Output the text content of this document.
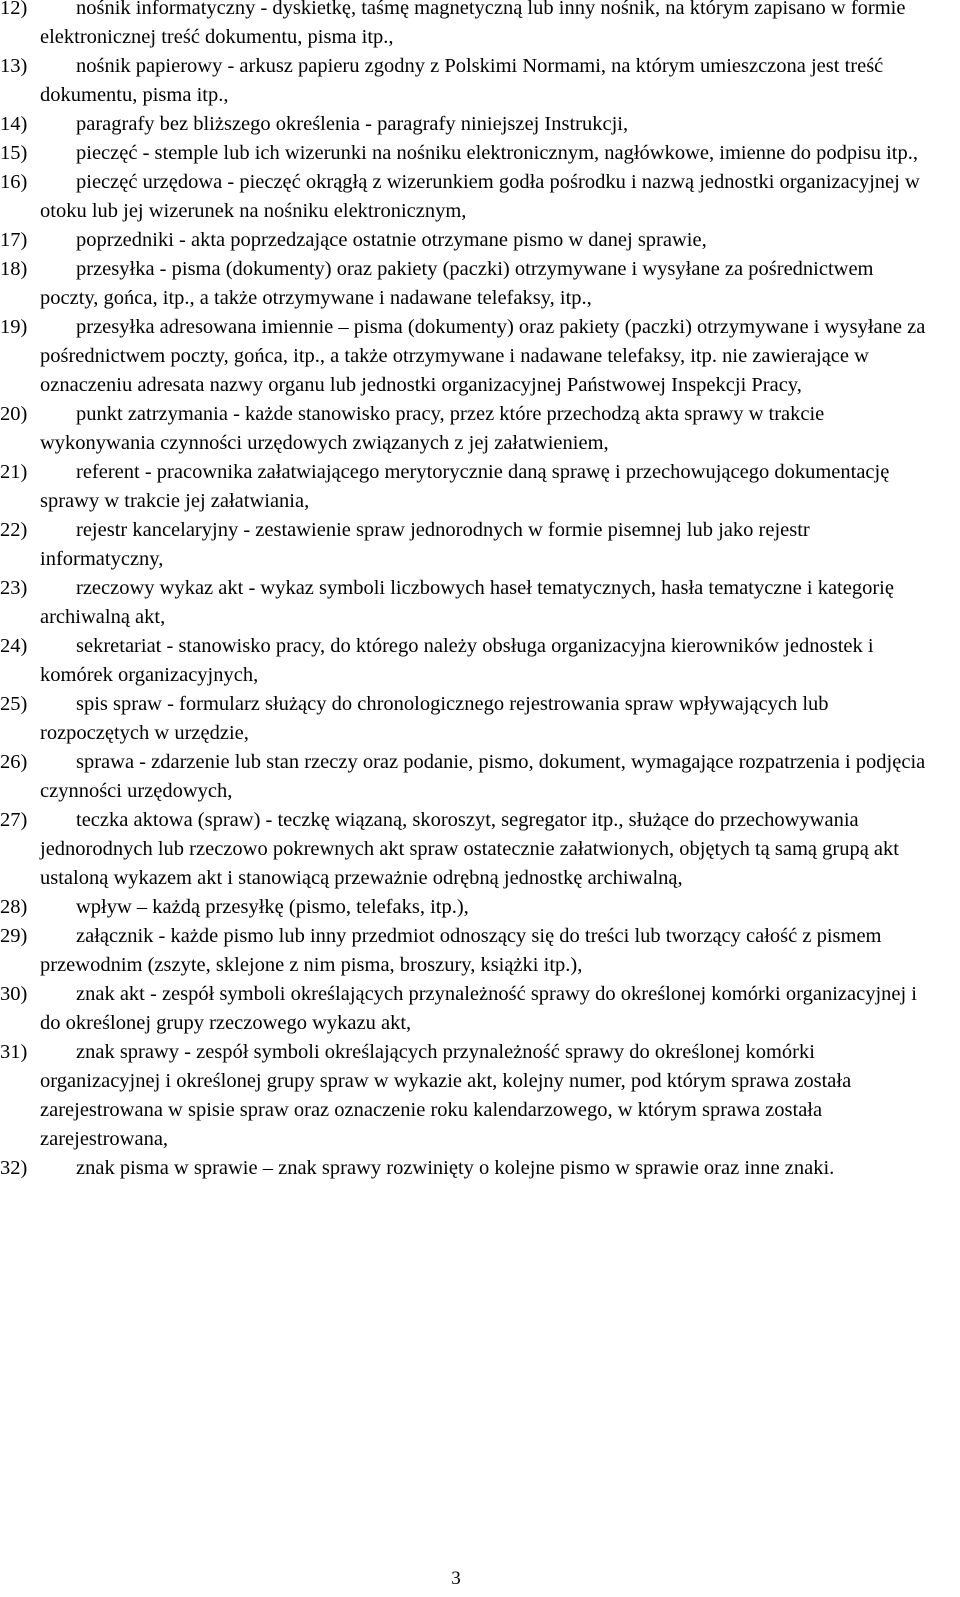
12) nośnik informatyczny - dyskietkę, taśmę magnetyczną lub inny nośnik, na którym zapisano w formie elektronicznej treść dokumentu, pisma itp.,
13) nośnik papierowy - arkusz papieru zgodny z Polskimi Normami, na którym umieszczona jest treść dokumentu, pisma itp.,
14) paragrafy bez bliższego określenia - paragrafy niniejszej Instrukcji,
15) pieczęć - stemple lub ich wizerunki na nośniku elektronicznym, nagłówkowe, imienne do podpisu itp.,
16) pieczęć urzędowa - pieczęć okrągłą z wizerunkiem godła pośrodku i nazwą jednostki organizacyjnej w otoku lub jej wizerunek na nośniku elektronicznym,
17) poprzedniki - akta poprzedzające ostatnie otrzymane pismo w danej sprawie,
18) przesyłka - pisma (dokumenty) oraz pakiety (paczki) otrzymywane i wysyłane za pośrednictwem poczty, gońca, itp., a także otrzymywane i nadawane telefaksy, itp.,
19) przesyłka adresowana imiennie – pisma (dokumenty) oraz pakiety (paczki) otrzymywane i wysyłane za pośrednictwem poczty, gońca, itp., a także otrzymywane i nadawane telefaksy, itp. nie zawierające w oznaczeniu adresata nazwy organu lub jednostki organizacyjnej Państwowej Inspekcji Pracy,
20) punkt zatrzymania - każde stanowisko pracy, przez które przechodzą akta sprawy w trakcie wykonywania czynności urzędowych związanych z jej załatwieniem,
21) referent - pracownika załatwiającego merytorycznie daną sprawę i przechowującego dokumentację sprawy w trakcie jej załatwiania,
22) rejestr kancelaryjny - zestawienie spraw jednorodnych w formie pisemnej lub jako rejestr informatyczny,
23) rzeczowy wykaz akt - wykaz symboli liczbowych haseł tematycznych, hasła tematyczne i kategorię archiwalną akt,
24) sekretariat - stanowisko pracy, do którego należy obsługa organizacyjna kierowników jednostek i komórek organizacyjnych,
25) spis spraw - formularz służący do chronologicznego rejestrowania spraw wpływających lub rozpoczętych w urzędzie,
26) sprawa - zdarzenie lub stan rzeczy oraz podanie, pismo, dokument, wymagające rozpatrzenia i podjęcia czynności urzędowych,
27) teczka aktowa (spraw) - teczkę wiązaną, skoroszyt, segregator itp., służące do przechowywania jednorodnych lub rzeczowo pokrewnych akt spraw ostatecznie załatwionych, objętych tą samą grupą akt ustaloną wykazem akt i stanowiącą przeważnie odrębną jednostkę archiwalną,
28) wpływ – każdą przesyłkę (pismo, telefaks, itp.),
29) załącznik - każde pismo lub inny przedmiot odnoszący się do treści lub tworzący całość z pismem przewodnim (zszyte, sklejone z nim pisma, broszury, książki itp.),
30) znak akt - zespół symboli określających przynależność sprawy do określonej komórki organizacyjnej i do określonej grupy rzeczowego wykazu akt,
31) znak sprawy - zespół symboli określających przynależność sprawy do określonej komórki organizacyjnej i określonej grupy spraw w wykazie akt, kolejny numer, pod którym sprawa została zarejestrowana w spisie spraw oraz oznaczenie roku kalendarzowego, w którym sprawa została zarejestrowana,
32) znak pisma w sprawie – znak sprawy rozwinięty o kolejne pismo w sprawie oraz inne znaki.
3
